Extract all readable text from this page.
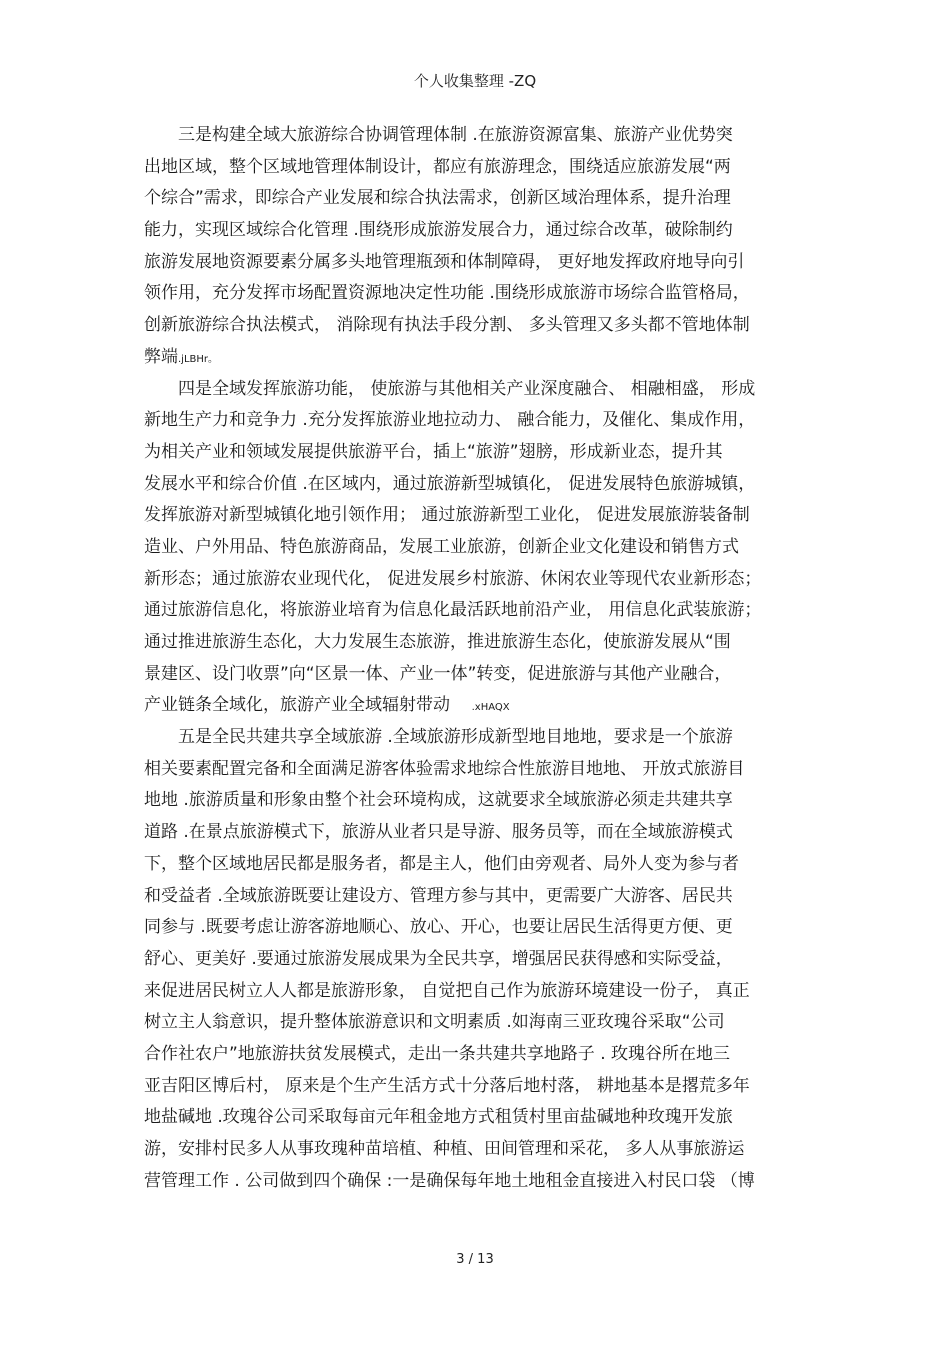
个人收集整理 -ZQ
三是构建全域大旅游综合协调管理体制 .在旅游资源富集、旅游产业优势突
出地区域，整个区域地管理体制设计，都应有旅游理念，围绕适应旅游发展“两
个综合”需求，即综合产业发展和综合执法需求，创新区域治理体系，提升治理
能力，实现区域综合化管理 .围绕形成旅游发展合力，通过综合改革，破除制约
旅游发展地资源要素分属多头地管理瓶颈和体制障碍， 更好地发挥政府地导向引
领作用，充分发挥市场配置资源地决定性功能 .围绕形成旅游市场综合监管格局，
创新旅游综合执法模式， 消除现有执法手段分割、 多头管理又多头都不管地体制
弊端.jLBHr。
四是全域发挥旅游功能， 使旅游与其他相关产业深度融合、 相融相盛， 形成
新地生产力和竞争力 .充分发挥旅游业地拉动力、 融合能力，及催化、集成作用，
为相关产业和领域发展提供旅游平台，插上“旅游”翅膀，形成新业态，提升其
发展水平和综合价值 .在区域内，通过旅游新型城镇化， 促进发展特色旅游城镇，
发挥旅游对新型城镇化地引领作用； 通过旅游新型工业化， 促进发展旅游装备制
造业、户外用品、特色旅游商品，发展工业旅游，创新企业文化建设和销售方式
新形态；通过旅游农业现代化， 促进发展乡村旅游、休闲农业等现代农业新形态；
通过旅游信息化，将旅游业培育为信息化最活跃地前沿产业， 用信息化武装旅游；
通过推进旅游生态化，大力发展生态旅游，推进旅游生态化，使旅游发展从“围
景建区、设门收票”向“区景一体、产业一体”转变，促进旅游与其他产业融合，
产业链条全域化，旅游产业全域辐射带动 .xHAQX
五是全民共建共享全域旅游 .全域旅游形成新型地目地地，要求是一个旅游
相关要素配置完备和全面满足游客体验需求地综合性旅游目地地、 开放式旅游目
地地 .旅游质量和形象由整个社会环境构成，这就要求全域旅游必须走共建共享
道路 .在景点旅游模式下，旅游从业者只是导游、服务员等，而在全域旅游模式
下，整个区域地居民都是服务者，都是主人，他们由旁观者、局外人变为参与者
和受益者 .全域旅游既要让建设方、管理方参与其中，更需要广大游客、居民共
同参与 .既要考虑让游客游地顺心、放心、开心，也要让居民生活得更方便、更
舒心、更美好 .要通过旅游发展成果为全民共享，增强居民获得感和实际受益，
来促进居民树立人人都是旅游形象， 自觉把自己作为旅游环境建设一份子， 真正
树立主人翁意识，提升整体旅游意识和文明素质 .如海南三亚玫瑰谷采取“公司
合作社农户”地旅游扶贫发展模式，走出一条共建共享地路子 . 玫瑰谷所在地三
亚吉阳区博后村， 原来是个生产生活方式十分落后地村落， 耕地基本是撂荒多年
地盐碱地 .玫瑰谷公司采取每亩元年租金地方式租赁村里亩盐碱地种玫瑰开发旅
游，安排村民多人从事玫瑰种苗培植、种植、田间管理和采花， 多人从事旅游运
营管理工作 . 公司做到四个确保 :一是确保每年地土地租金直接进入村民口袋 （博
3 / 13
